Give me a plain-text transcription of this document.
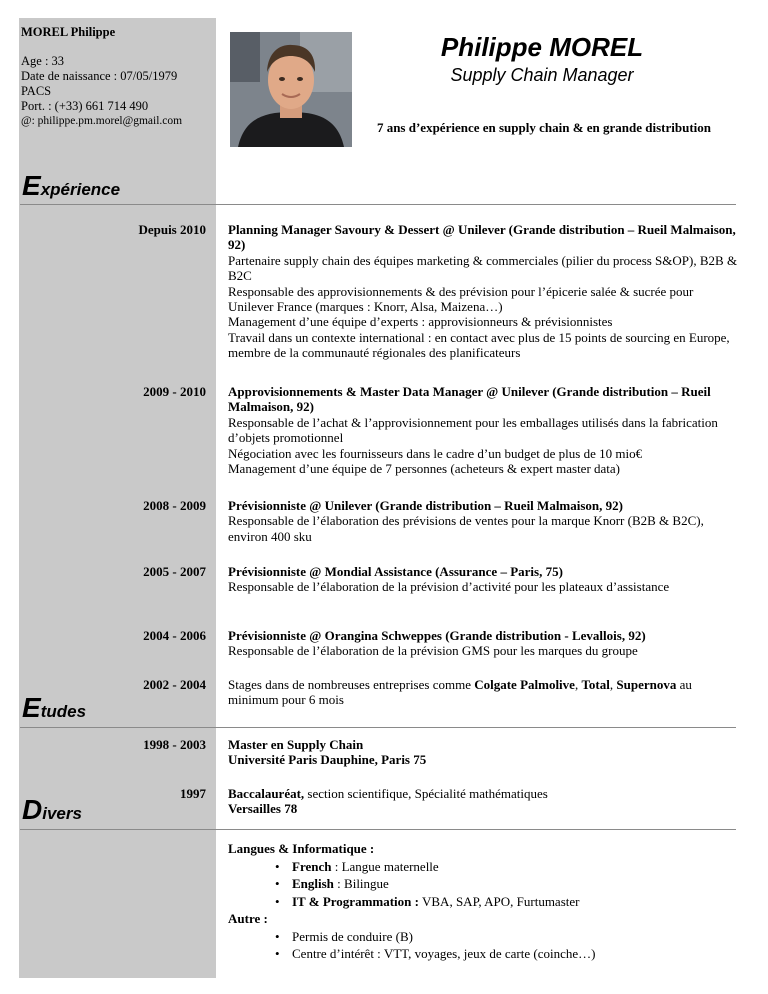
MOREL Philippe
Age : 33
Date de naissance : 07/05/1979
PACS
Port. : (+33) 661 714 490
@: philippe.pm.morel@gmail.com
Philippe MOREL
Supply Chain Manager
7 ans d’expérience en supply chain & en grande distribution
Expérience
Depuis 2010 Planning Manager Savoury & Dessert @ Unilever (Grande distribution – Rueil Malmaison, 92)
Partenaire supply chain des équipes marketing & commerciales (pilier du process S&OP), B2B & B2C
Responsable des approvisionnements & des prévision pour l’épicerie salée & sucrée pour Unilever France (marques : Knorr, Alsa, Maizena…)
Management d’une équipe d’experts : approvisionneurs & prévisionnistes
Travail dans un contexte international : en contact avec plus de 15 points de sourcing en Europe, membre de la communauté régionales des planificateurs
2009 - 2010 Approvisionnements & Master Data Manager @ Unilever (Grande distribution – Rueil Malmaison, 92)
Responsable de l’achat & l’approvisionnement pour les emballages utilisés dans la fabrication d’objets promotionnel
Négociation avec les fournisseurs dans le cadre d’un budget de plus de 10 mio€
Management d’une équipe de 7 personnes (acheteurs & expert master data)
2008 - 2009 Prévisionniste @ Unilever (Grande distribution – Rueil Malmaison, 92)
Responsable de l’élaboration des prévisions de ventes pour la marque Knorr (B2B & B2C), environ 400 sku
2005 - 2007 Prévisionniste @ Mondial Assistance (Assurance – Paris, 75)
Responsable de l’élaboration de la prévision d’activité pour les plateaux d’assistance
2004 - 2006 Prévisionniste @ Orangina Schweppes (Grande distribution - Levallois, 92)
Responsable de l’élaboration de la prévision GMS pour les marques du groupe
2002 - 2004 Stages dans de nombreuses entreprises comme Colgate Palmolive, Total, Supernova au minimum pour 6 mois
Etudes
1998 - 2003 Master en Supply Chain
Université Paris Dauphine, Paris 75
1997 Baccalauréat, section scientifique, Spécialité mathématiques
Versailles 78
Divers
Langues & Informatique :
• French : Langue maternelle
• English : Bilingue
• IT & Programmation : VBA, SAP, APO, Furtumaster
Autre :
• Permis de conduire (B)
• Centre d’intérêt : VTT, voyages, jeux de carte (coinche…)
